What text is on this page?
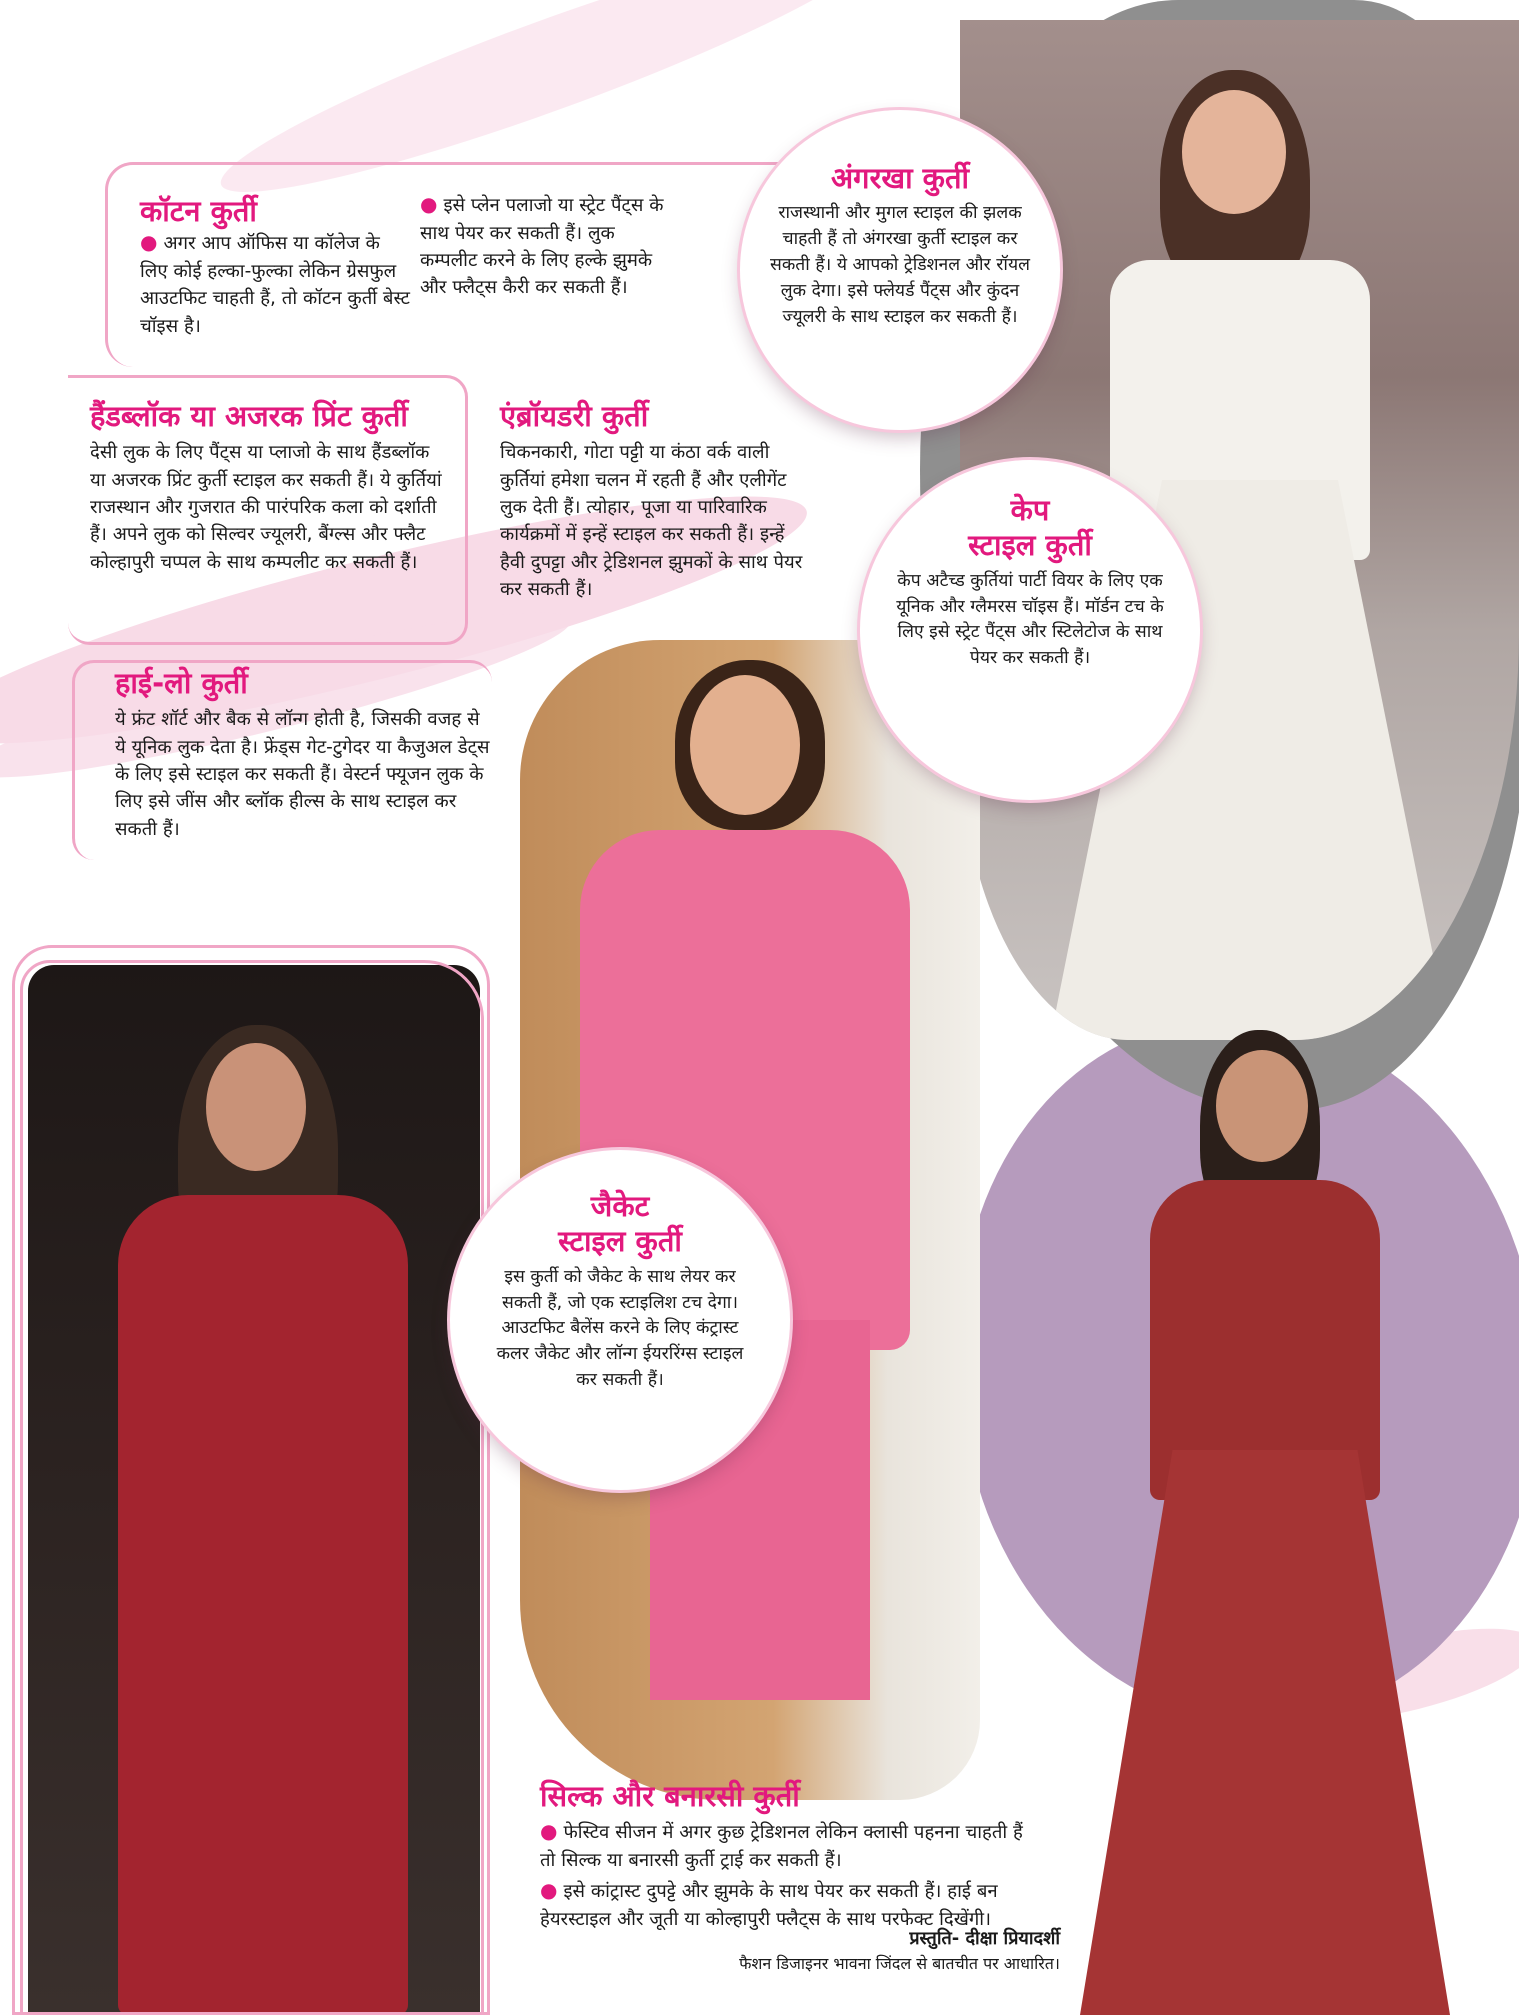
कॉटन कुर्ती

● अगर आप ऑफिस या कॉलेज के लिए कोई हल्का-फुल्का लेकिन ग्रेसफुल आउटफिट चाहती हैं, तो कॉटन कुर्ती बेस्ट चॉइस है।

● इसे प्लेन पलाजो या स्ट्रेट पैंट्स के साथ पेयर कर सकती हैं। लुक कम्पलीट करने के लिए हल्के झुमके और फ्लैट्स कैरी कर सकती हैं।

हैंडब्लॉक या अजरक प्रिंट कुर्ती

देसी लुक के लिए पैंट्स या प्लाजो के साथ हैंडब्लॉक या अजरक प्रिंट कुर्ती स्टाइल कर सकती हैं। ये कुर्तियां राजस्थान और गुजरात की पारंपरिक कला को दर्शाती हैं। अपने लुक को सिल्वर ज्यूलरी, बैंग्ल्स और फ्लैट कोल्हापुरी चप्पल के साथ कम्पलीट कर सकती हैं।

एंब्रॉयडरी कुर्ती

चिकनकारी, गोटा पट्टी या कंठा वर्क वाली कुर्तियां हमेशा चलन में रहती हैं और एलीगेंट लुक देती हैं। त्योहार, पूजा या पारिवारिक कार्यक्रमों में इन्हें स्टाइल कर सकती हैं। इन्हें हैवी दुपट्टा और ट्रेडिशनल झुमकों के साथ पेयर कर सकती हैं।

हाई-लो कुर्ती

ये फ्रंट शॉर्ट और बैक से लॉन्ग होती है, जिसकी वजह से ये यूनिक लुक देता है। फ्रेंड्स गेट-टुगेदर या कैजुअल डेट्स के लिए इसे स्टाइल कर सकती हैं। वेस्टर्न फ्यूजन लुक के लिए इसे जींस और ब्लॉक हील्स के साथ स्टाइल कर सकती हैं।

अंगरखा कुर्ती

राजस्थानी और मुगल स्टाइल की झलक चाहती हैं तो अंगरखा कुर्ती स्टाइल कर सकती हैं। ये आपको ट्रेडिशनल और रॉयल लुक देगा। इसे फ्लेयर्ड पैंट्स और कुंदन ज्यूलरी के साथ स्टाइल कर सकती हैं।

केप
स्टाइल कुर्ती

केप अटैच्ड कुर्तियां पार्टी वियर के लिए एक यूनिक और ग्लैमरस चॉइस हैं। मॉर्डन टच के लिए इसे स्ट्रेट पैंट्स और स्टिलेटोज के साथ पेयर कर सकती हैं।

जैकेट
स्टाइल कुर्ती

इस कुर्ती को जैकेट के साथ लेयर कर सकती हैं, जो एक स्टाइलिश टच देगा। आउटफिट बैलेंस करने के लिए कंट्रास्ट कलर जैकेट और लॉन्ग ईयररिंग्स स्टाइल कर सकती हैं।

सिल्क और बनारसी कुर्ती

● फेस्टिव सीजन में अगर कुछ ट्रेडिशनल लेकिन क्लासी पहनना चाहती हैं तो सिल्क या बनारसी कुर्ती ट्राई कर सकती हैं।

● इसे कांट्रास्ट दुपट्टे और झुमके के साथ पेयर कर सकती हैं। हाई बन हेयरस्टाइल और जूती या कोल्हापुरी फ्लैट्स के साथ परफेक्ट दिखेंगी।

प्रस्तुति- दीक्षा प्रियादर्शी
फैशन डिजाइनर भावना जिंदल से बातचीत पर आधारित।
